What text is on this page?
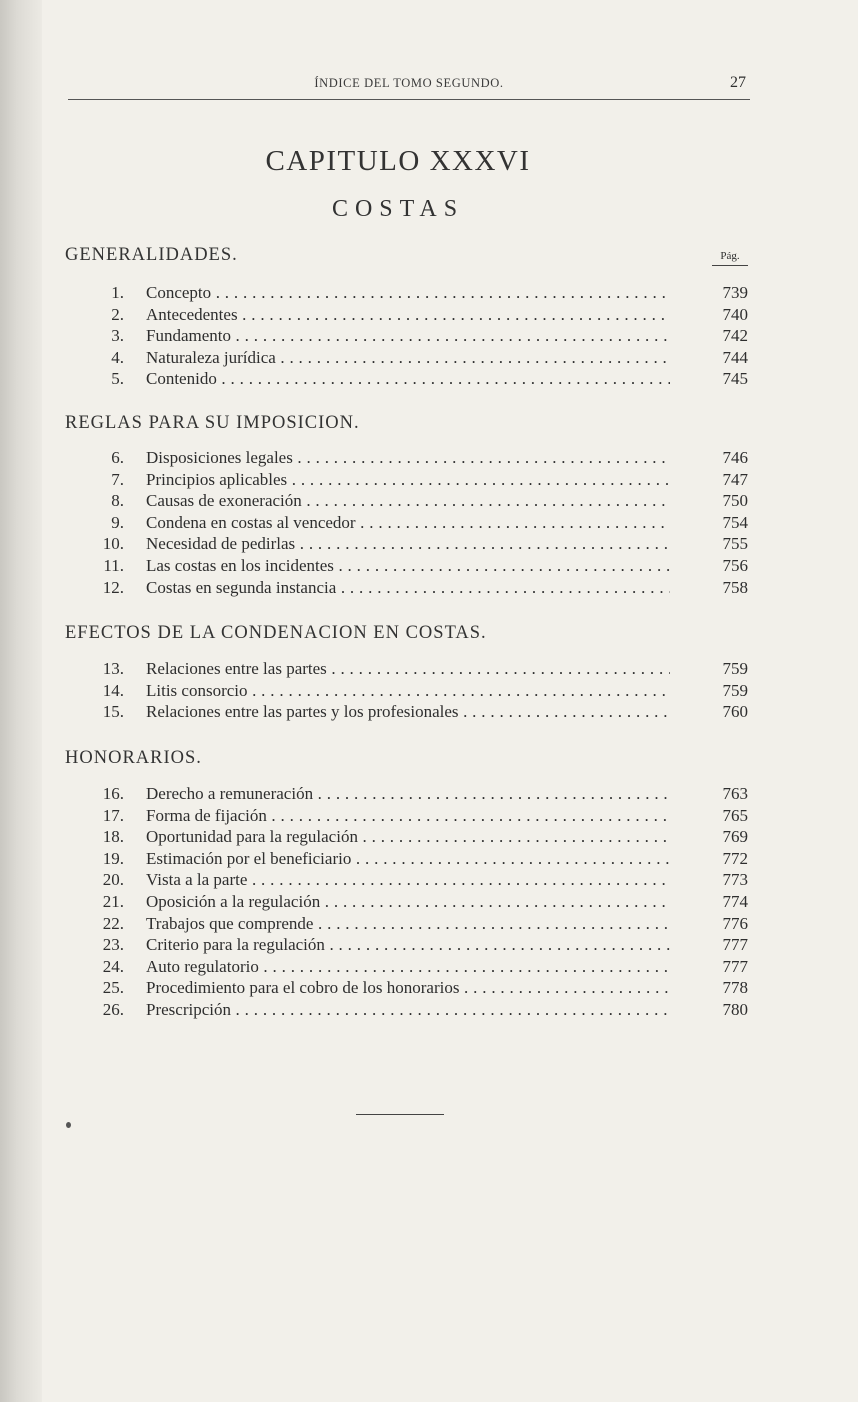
ÍNDICE DEL TOMO SEGUNDO.	27
CAPITULO XXXVI
COSTAS
Pág.
GENERALIDADES.
1. Concepto . . .	739
2. Antecedentes . . .	740
3. Fundamento . . .	742
4. Naturaleza jurídica . . .	744
5. Contenido . . .	745
REGLAS PARA SU IMPOSICION.
6. Disposiciones legales . . .	746
7. Principios aplicables . . .	747
8. Causas de exoneración . . .	750
9. Condena en costas al vencedor . . .	754
10. Necesidad de pedirlas . . .	755
11. Las costas en los incidentes . . .	756
12. Costas en segunda instancia . . .	758
EFECTOS DE LA CONDENACION EN COSTAS.
13. Relaciones entre las partes . . .	759
14. Litis consorcio . . .	759
15. Relaciones entre las partes y los profesionales . . .	760
HONORARIOS.
16. Derecho a remuneración . . .	763
17. Forma de fijación . . .	765
18. Oportunidad para la regulación . . .	769
19. Estimación por el beneficiario . . .	772
20. Vista a la parte . . .	773
21. Oposición a la regulación . . .	774
22. Trabajos que comprende . . .	776
23. Criterio para la regulación . . .	777
24. Auto regulatorio . . .	777
25. Procedimiento para el cobro de los honorarios . . .	778
26. Prescripción . . .	780
